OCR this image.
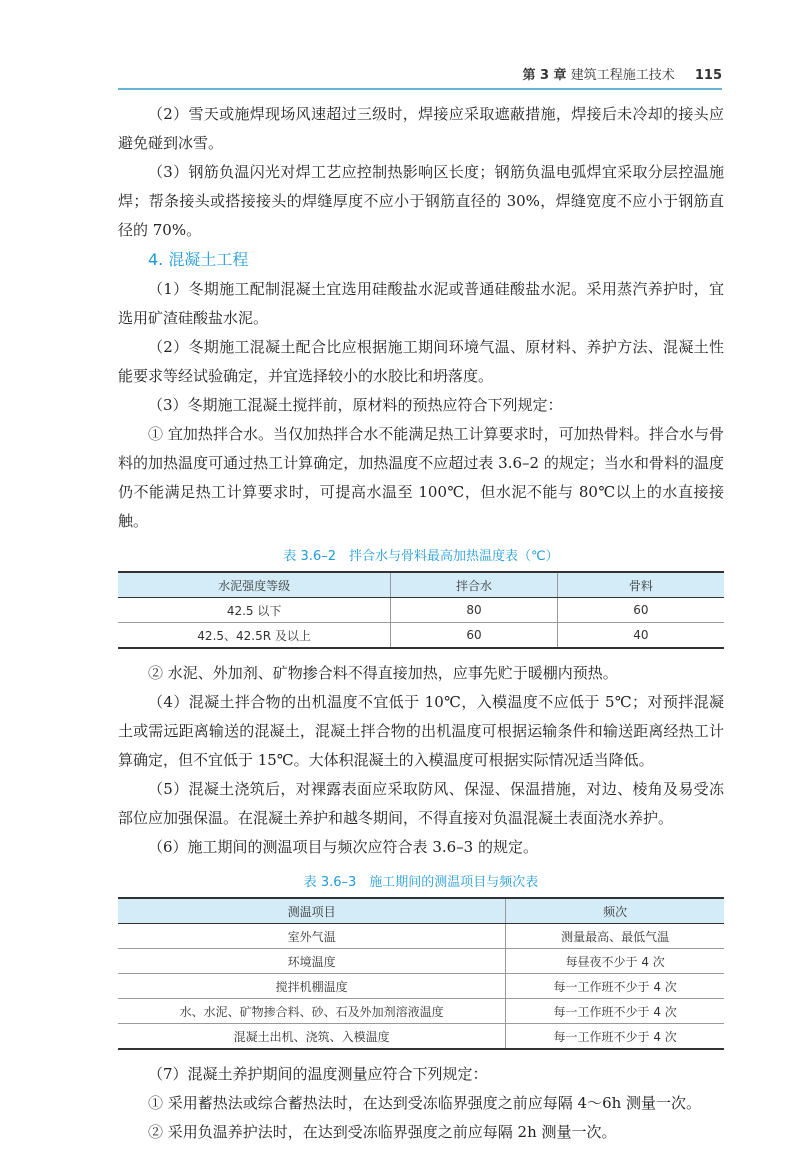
第 3 章 建筑工程施工技术 115

（2）雪天或施焊现场风速超过三级时，焊接应采取遮蔽措施，焊接后未冷却的接头应避免碰到冰雪。

（3）钢筋负温闪光对焊工艺应控制热影响区长度；钢筋负温电弧焊宜采取分层控温施焊；帮条接头或搭接接头的焊缝厚度不应小于钢筋直径的 30%，焊缝宽度不应小于钢筋直径的 70%。

4. 混凝土工程

（1）冬期施工配制混凝土宜选用硅酸盐水泥或普通硅酸盐水泥。采用蒸汽养护时，宜选用矿渣硅酸盐水泥。

（2）冬期施工混凝土配合比应根据施工期间环境气温、原材料、养护方法、混凝土性能要求等经试验确定，并宜选择较小的水胶比和坍落度。

（3）冬期施工混凝土搅拌前，原材料的预热应符合下列规定：

① 宜加热拌合水。当仅加热拌合水不能满足热工计算要求时，可加热骨料。拌合水与骨料的加热温度可通过热工计算确定，加热温度不应超过表 3.6–2 的规定；当水和骨料的温度仍不能满足热工计算要求时，可提高水温至 100℃，但水泥不能与 80℃以上的水直接接触。

表 3.6–2　拌合水与骨料最高加热温度表（℃）
水泥强度等级	拌合水	骨料
42.5 以下	80	60
42.5、42.5R 及以上	60	40

② 水泥、外加剂、矿物掺合料不得直接加热，应事先贮于暖棚内预热。

（4）混凝土拌合物的出机温度不宜低于 10℃，入模温度不应低于 5℃；对预拌混凝土或需远距离输送的混凝土，混凝土拌合物的出机温度可根据运输条件和输送距离经热工计算确定，但不宜低于 15℃。大体积混凝土的入模温度可根据实际情况适当降低。

（5）混凝土浇筑后，对裸露表面应采取防风、保湿、保温措施，对边、棱角及易受冻部位应加强保温。在混凝土养护和越冬期间，不得直接对负温混凝土表面浇水养护。

（6）施工期间的测温项目与频次应符合表 3.6–3 的规定。

表 3.6–3　施工期间的测温项目与频次表
测温项目	频次
室外气温	测量最高、最低气温
环境温度	每昼夜不少于 4 次
搅拌机棚温度	每一工作班不少于 4 次
水、水泥、矿物掺合料、砂、石及外加剂溶液温度	每一工作班不少于 4 次
混凝土出机、浇筑、入模温度	每一工作班不少于 4 次

（7）混凝土养护期间的温度测量应符合下列规定：

① 采用蓄热法或综合蓄热法时，在达到受冻临界强度之前应每隔 4～6h 测量一次。

② 采用负温养护法时，在达到受冻临界强度之前应每隔 2h 测量一次。
